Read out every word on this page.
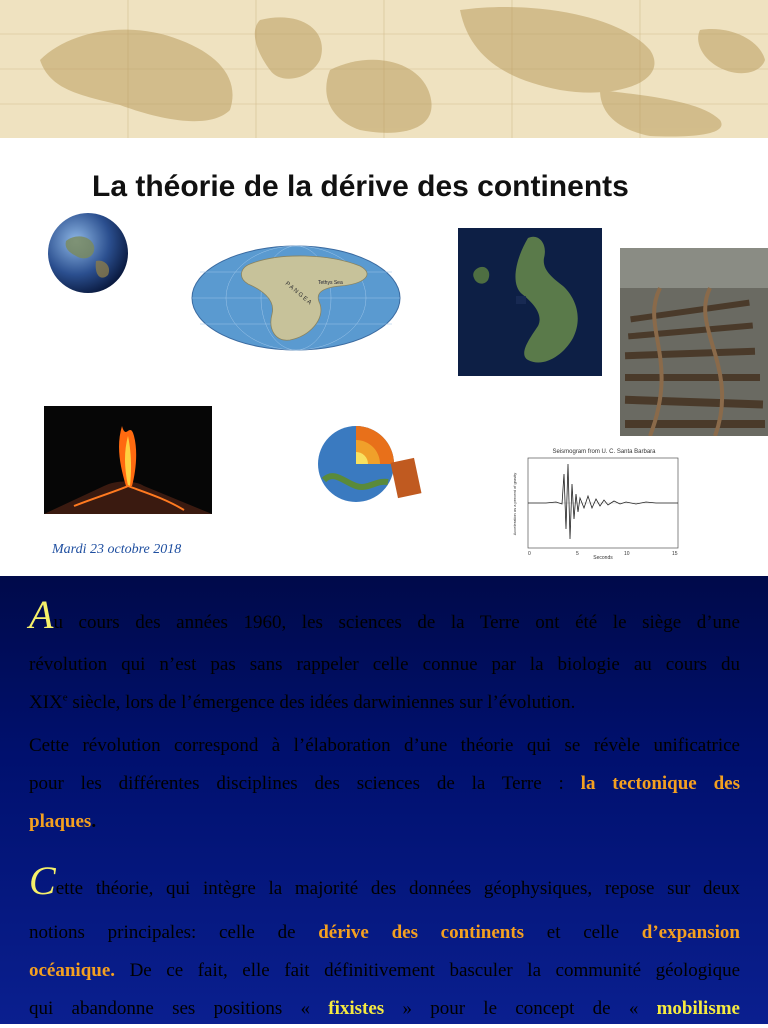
La théorie de la dérive des continents
P A N G E A Tethys Sea
Seismogram from U. C. Santa Barbara
0	5	10	15
Seconds
Acceleration as a percent of gravity
Mardi 23 octobre 2018
Au cours des années 1960, les sciences de la Terre ont été le siège d’une
révolution qui n’est pas sans rappeler celle connue par la biologie au cours du
XIXe siècle, lors de l’émergence des idées darwiniennes sur l’évolution.
Cette révolution correspond à l’élaboration d’une théorie qui se révèle unificatrice
pour les différentes disciplines des sciences de la Terre : la tectonique des
plaques.
Cette théorie, qui intègre la majorité des données géophysiques, repose sur deux
notions principales: celle de dérive des continents et celle d’expansion
océanique. De ce fait, elle fait définitivement basculer la communité géologique
qui abandonne ses positions « fixistes » pour le concept de « mobilisme
